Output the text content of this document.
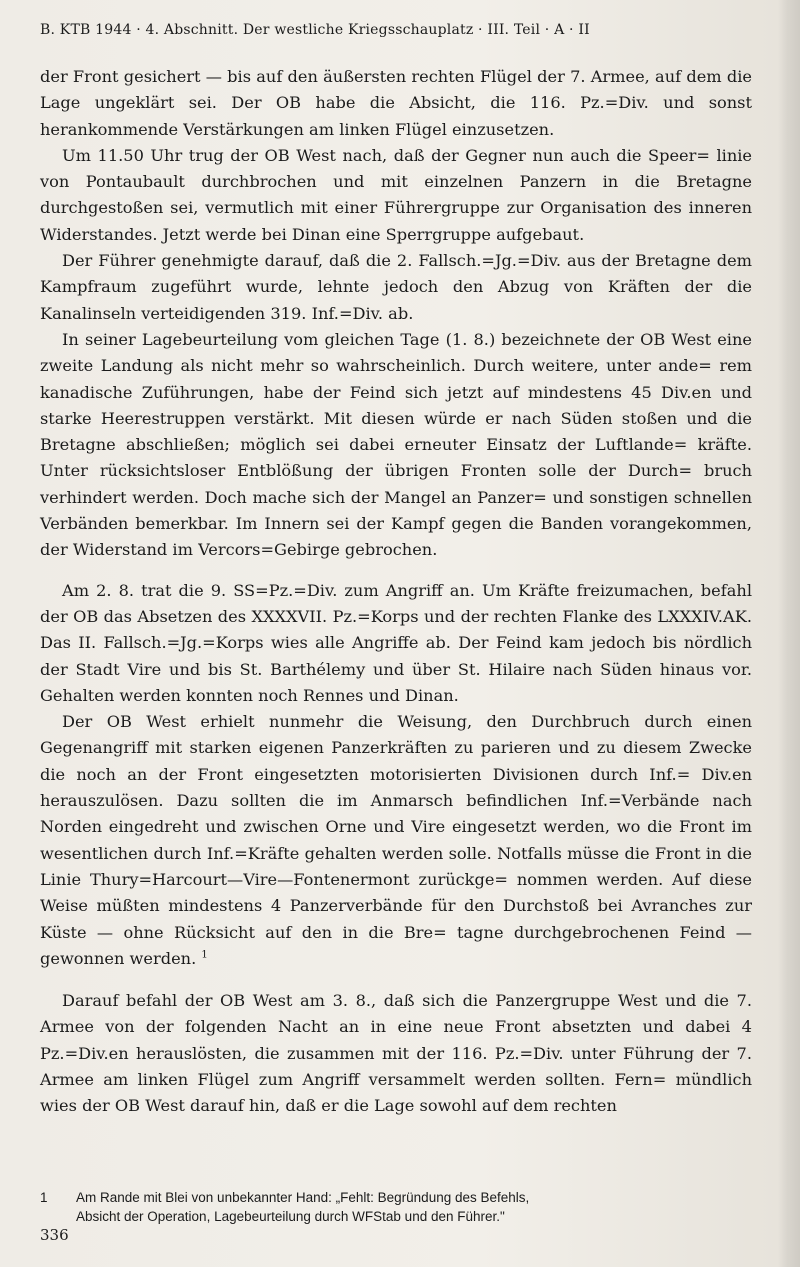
B. KTB 1944 · 4. Abschnitt. Der westliche Kriegsschauplatz · III. Teil · A · II

der Front gesichert — bis auf den äußersten rechten Flügel der 7. Armee, auf dem die Lage ungeklärt sei. Der OB habe die Absicht, die 116. Pz.=Div. und sonst herankommende Verstärkungen am linken Flügel einzusetzen.

Um 11.50 Uhr trug der OB West nach, daß der Gegner nun auch die Speer= linie von Pontaubault durchbrochen und mit einzelnen Panzern in die Bretagne durchgestoßen sei, vermutlich mit einer Führergruppe zur Organisation des inneren Widerstandes. Jetzt werde bei Dinan eine Sperrgruppe aufgebaut.

Der Führer genehmigte darauf, daß die 2. Fallsch.=Jg.=Div. aus der Bretagne dem Kampfraum zugeführt wurde, lehnte jedoch den Abzug von Kräften der die Kanalinseln verteidigenden 319. Inf.=Div. ab.

In seiner Lagebeurteilung vom gleichen Tage (1. 8.) bezeichnete der OB West eine zweite Landung als nicht mehr so wahrscheinlich. Durch weitere, unter ande= rem kanadische Zuführungen, habe der Feind sich jetzt auf mindestens 45 Div.en und starke Heerestruppen verstärkt. Mit diesen würde er nach Süden stoßen und die Bretagne abschließen; möglich sei dabei erneuter Einsatz der Luftlande= kräfte. Unter rücksichtsloser Entblößung der übrigen Fronten solle der Durch= bruch verhindert werden. Doch mache sich der Mangel an Panzer= und sonstigen schnellen Verbänden bemerkbar. Im Innern sei der Kampf gegen die Banden vorangekommen, der Widerstand im Vercors=Gebirge gebrochen.

Am 2. 8. trat die 9. SS=Pz.=Div. zum Angriff an. Um Kräfte freizumachen, befahl der OB das Absetzen des XXXXVII. Pz.=Korps und der rechten Flanke des LXXXIV.AK. Das II. Fallsch.=Jg.=Korps wies alle Angriffe ab. Der Feind kam jedoch bis nördlich der Stadt Vire und bis St. Barthélemy und über St. Hilaire nach Süden hinaus vor. Gehalten werden konnten noch Rennes und Dinan.

Der OB West erhielt nunmehr die Weisung, den Durchbruch durch einen Gegenangriff mit starken eigenen Panzerkräften zu parieren und zu diesem Zwecke die noch an der Front eingesetzten motorisierten Divisionen durch Inf.= Div.en herauszulösen. Dazu sollten die im Anmarsch befindlichen Inf.=Verbände nach Norden eingedreht und zwischen Orne und Vire eingesetzt werden, wo die Front im wesentlichen durch Inf.=Kräfte gehalten werden solle. Notfalls müsse die Front in die Linie Thury=Harcourt—Vire—Fontenermont zurückge= nommen werden. Auf diese Weise müßten mindestens 4 Panzerverbände für den Durchstoß bei Avranches zur Küste — ohne Rücksicht auf den in die Bre= tagne durchgebrochenen Feind — gewonnen werden. $^1$

Darauf befahl der OB West am 3. 8., daß sich die Panzergruppe West und die 7. Armee von der folgenden Nacht an in eine neue Front absetzten und dabei 4 Pz.=Div.en herauslösten, die zusammen mit der 116. Pz.=Div. unter Führung der 7. Armee am linken Flügel zum Angriff versammelt werden sollten. Fern= mündlich wies der OB West darauf hin, daß er die Lage sowohl auf dem rechten

1 Am Rande mit Blei von unbekannter Hand: „Fehlt: Begründung des Befehls,
Absicht der Operation, Lagebeurteilung durch WFStab und den Führer."
336
